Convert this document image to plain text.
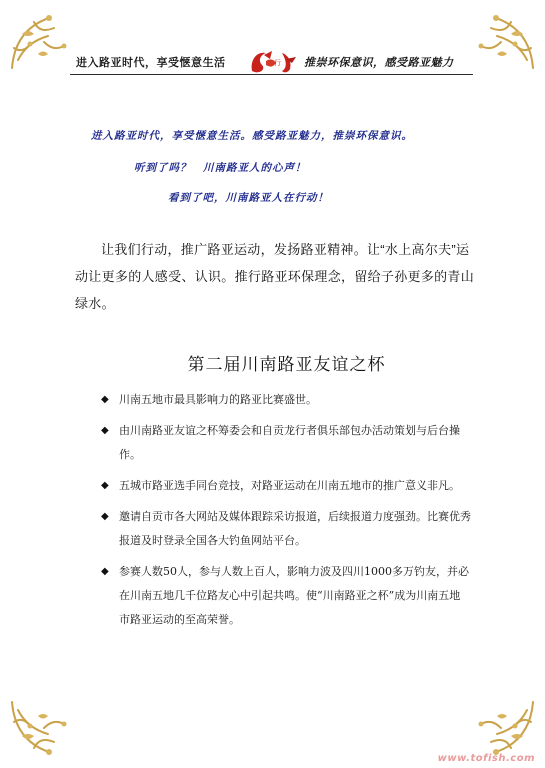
进入路亚时代，享受惬意生活	行 推崇环保意识，感受路亚魅力
进入路亚时代，享受惬意生活。感受路亚魅力，推崇环保意识。
听到了吗？　川南路亚人的心声！
看到了吧，川南路亚人在行动！

让我们行动，推广路亚运动，发扬路亚精神。让“水上高尔夫”运动让更多的人感受、认识。推行路亚环保理念，留给子孙更多的青山绿水。

第二届川南路亚友谊之杯
◆ 川南五地市最具影响力的路亚比赛盛世。
◆ 由川南路亚友谊之杯筹委会和自贡龙行者俱乐部包办活动策划与后台操作。
◆ 五城市路亚选手同台竞技，对路亚运动在川南五地市的推广意义非凡。
◆ 邀请自贡市各大网站及媒体跟踪采访报道，后续报道力度强劲。比赛优秀报道及时登录全国各大钓鱼网站平台。
◆ 参赛人数50人，参与人数上百人，影响力波及四川1000多万钓友，并必在川南五地几千位路友心中引起共鸣。使“川南路亚之杯”成为川南五地市路亚运动的至高荣誉。
www.tofish.com
